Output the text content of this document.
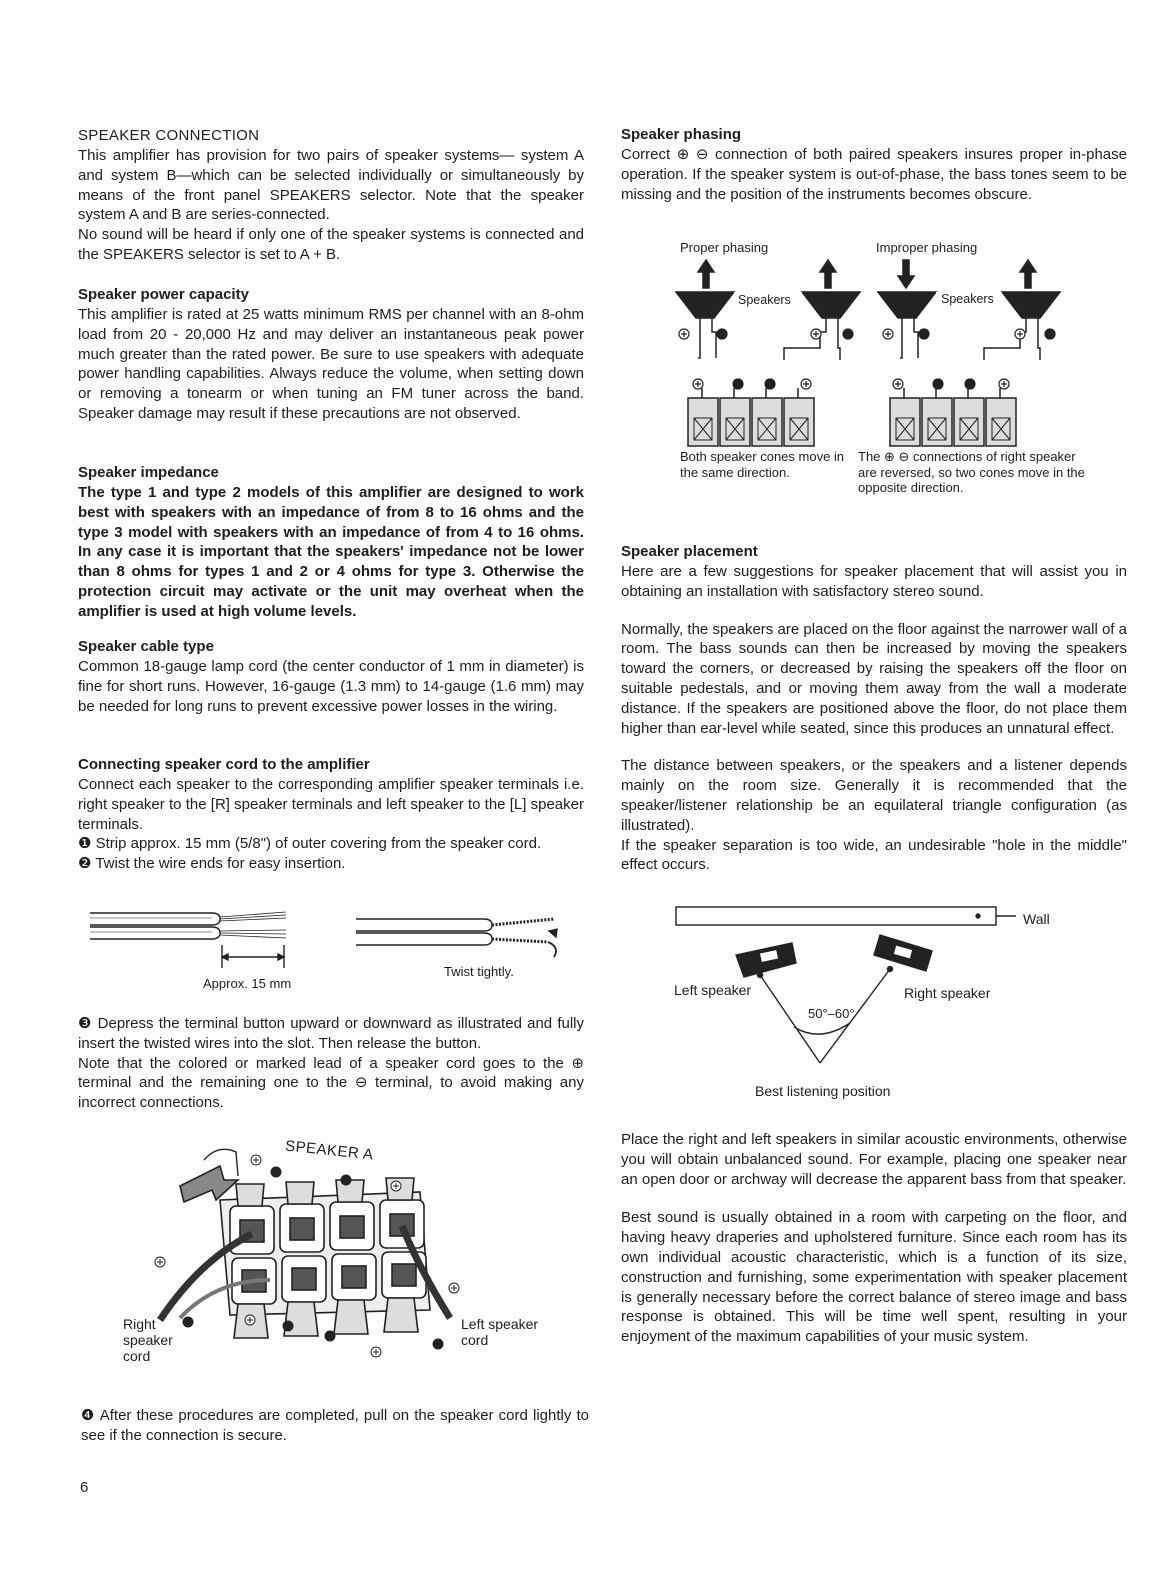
SPEAKER CONNECTION

This amplifier has provision for two pairs of speaker systems— system A and system B—which can be selected individually or simultaneously by means of the front panel SPEAKERS selector. Note that the speaker system A and B are series-connected.

No sound will be heard if only one of the speaker systems is connected and the SPEAKERS selector is set to A + B.

Speaker power capacity

This amplifier is rated at 25 watts minimum RMS per channel with an 8-ohm load from 20 - 20,000 Hz and may deliver an instantaneous peak power much greater than the rated power. Be sure to use speakers with adequate power handling capabilities. Always reduce the volume, when setting down or removing a tonearm or when tuning an FM tuner across the band. Speaker damage may result if these precautions are not observed.

Speaker impedance

The type 1 and type 2 models of this amplifier are designed to work best with speakers with an impedance of from 8 to 16 ohms and the type 3 model with speakers with an impedance of from 4 to 16 ohms. In any case it is important that the speakers' impedance not be lower than 8 ohms for types 1 and 2 or 4 ohms for type 3. Otherwise the protection circuit may activate or the unit may overheat when the amplifier is used at high volume levels.

Speaker cable type

Common 18-gauge lamp cord (the center conductor of 1 mm in diameter) is fine for short runs. However, 16-gauge (1.3 mm) to 14-gauge (1.6 mm) may be needed for long runs to prevent excessive power losses in the wiring.

Connecting speaker cord to the amplifier

Connect each speaker to the corresponding amplifier speaker terminals i.e. right speaker to the [R] speaker terminals and left speaker to the [L] speaker terminals.

❶ Strip approx. 15 mm (5/8") of outer covering from the speaker cord.

❷ Twist the wire ends for easy insertion.

Approx. 15 mm
Twist tightly.

❸ Depress the terminal button upward or downward as illustrated and fully insert the twisted wires into the slot. Then release the button.

Note that the colored or marked lead of a speaker cord goes to the ⊕ terminal and the remaining one to the ⊖ terminal, to avoid making any incorrect connections.

SPEAKER A
Right speaker cord
Left speaker cord

❹ After these procedures are completed, pull on the speaker cord lightly to see if the connection is secure.

6

Speaker phasing

Correct ⊕ ⊖ connection of both paired speakers insures proper in-phase operation. If the speaker system is out-of-phase, the bass tones seem to be missing and the position of the instruments becomes obscure.

Proper phasing	Improper phasing
Speakers	Speakers
Both speaker cones move in the same direction.
The ⊕ ⊖ connections of right speaker are reversed, so two cones move in the opposite direction.

Speaker placement

Here are a few suggestions for speaker placement that will assist you in obtaining an installation with satisfactory stereo sound.

Normally, the speakers are placed on the floor against the narrower wall of a room. The bass sounds can then be increased by moving the speakers toward the corners, or decreased by raising the speakers off the floor on suitable pedestals, and or moving them away from the wall a moderate distance. If the speakers are positioned above the floor, do not place them higher than ear-level while seated, since this produces an unnatural effect.

The distance between speakers, or the speakers and a listener depends mainly on the room size. Generally it is recommended that the speaker/listener relationship be an equilateral triangle configuration (as illustrated).

If the speaker separation is too wide, an undesirable "hole in the middle" effect occurs.

Wall
Left speaker	Right speaker
50°–60°
Best listening position

Place the right and left speakers in similar acoustic environments, otherwise you will obtain unbalanced sound. For example, placing one speaker near an open door or archway will decrease the apparent bass from that speaker.

Best sound is usually obtained in a room with carpeting on the floor, and having heavy draperies and upholstered furniture. Since each room has its own individual acoustic characteristic, which is a function of its size, construction and furnishing, some experimentation with speaker placement is generally necessary before the correct balance of stereo image and bass response is obtained. This will be time well spent, resulting in your enjoyment of the maximum capabilities of your music system.
